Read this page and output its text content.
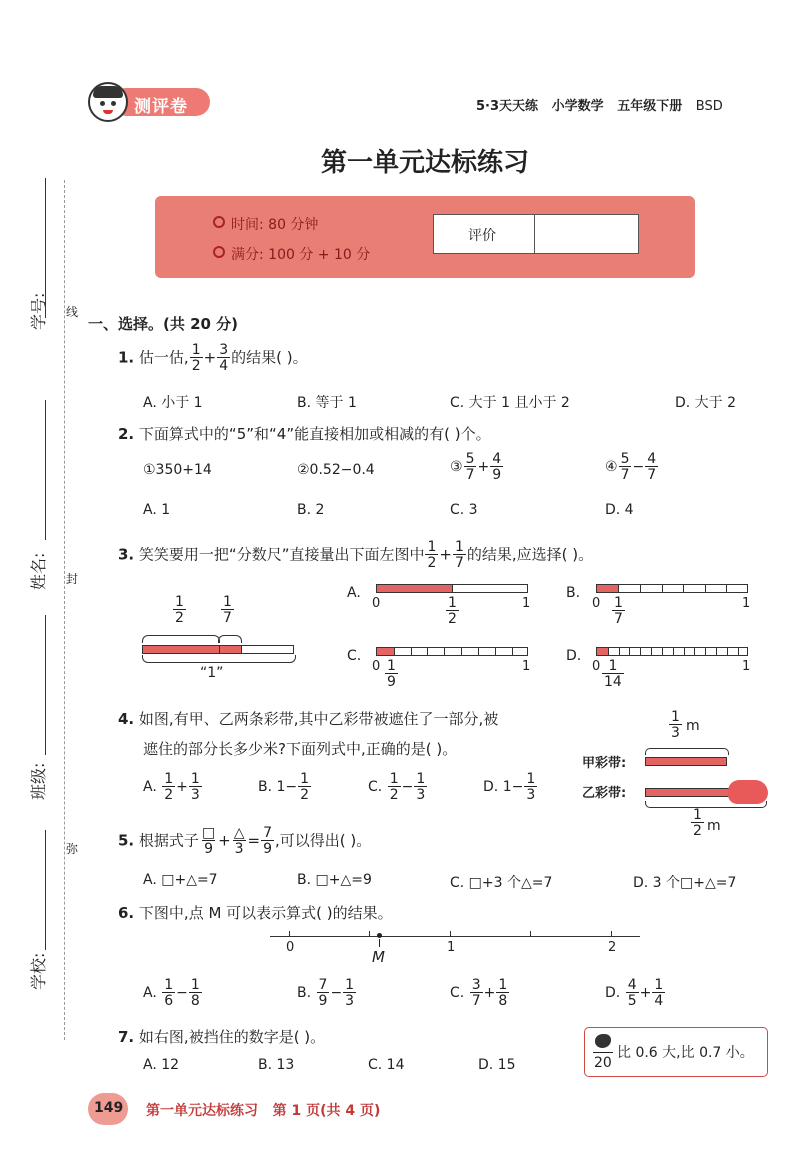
测评卷	5·3天天练 小学数学 五年级下册 BSD
第一单元达标练习
时间: 80 分钟
满分: 100 分 + 10 分
评价
学号:
姓名:
班级:
学校:
线
封
弥
一、选择。(共 20 分)
1. 估一估, $\frac{1}{2} + \frac{3}{4}$ 的结果( )。
A. 小于 1	B. 等于 1	C. 大于 1 且小于 2	D. 大于 2
2. 下面算式中的“5”和“4”能直接相加或相减的有( )个。
①350+14	②0.52−0.4	③ $\frac{5}{7} + \frac{4}{9}$	④ $\frac{5}{7} - \frac{4}{7}$
A. 1	B. 2	C. 3	D. 4
3. 笑笑要用一把“分数尺”直接量出下面左图中 $\frac{1}{2} + \frac{1}{7}$ 的结果,应选择( )。
$\frac{1}{2}$	$\frac{1}{7}$
“1”
A.
0	$\frac{1}{2}$	1
B.
$0 \frac{1}{7}$	1
C.
$0 \frac{1}{9}$	1
D.
$0 \frac{1}{14}$	1
4. 如图,有甲、乙两条彩带,其中乙彩带被遮住了一部分,被
遮住的部分长多少米?下面列式中,正确的是( )。
$\frac{1}{3}$ m
甲彩带:
乙彩带:
$\frac{1}{2}$ m
A. $\frac{1}{2} + \frac{1}{3}$	B. $1- \frac{1}{2}$	C. $\frac{1}{2} - \frac{1}{3}$	D. $1- \frac{1}{3}$
5. 根据式子 $\frac{□}{9} + \frac{\triangle}{3} = \frac{7}{9}$ ,可以得出( )。
A. □+△=7	B. □+△=9	C. □+3 个△=7	D. 3 个□+△=7
6. 下图中,点 M 可以表示算式( )的结果。
0	1	2
M
A. $\frac{1}{6} - \frac{1}{8}$	B. $\frac{7}{9} - \frac{1}{3}$	C. $\frac{3}{7} + \frac{1}{8}$	D. $\frac{4}{5} + \frac{1}{4}$
7. 如右图,被挡住的数字是( )。
A. 12	B. 13	C. 14	D. 15	20
比 0.6 大,比 0.7 小。
149 第一单元达标练习   第 1 页(共 4 页)
